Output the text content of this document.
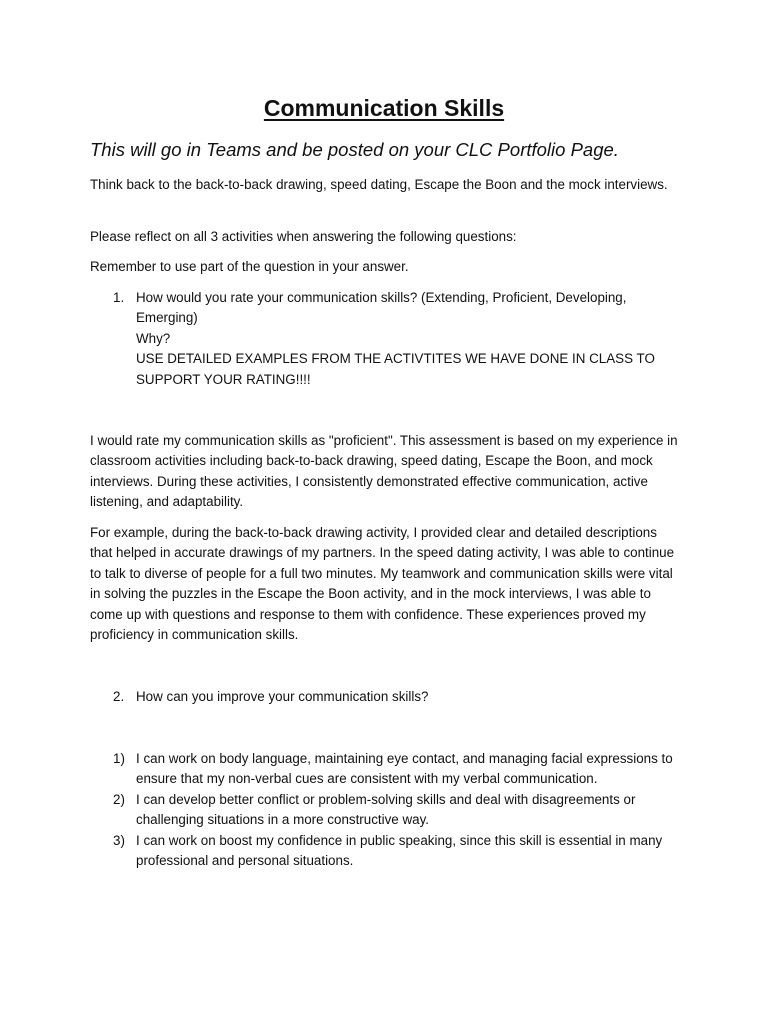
Communication Skills

This will go in Teams and be posted on your CLC Portfolio Page.

Think back to the back-to-back drawing, speed dating, Escape the Boon and the mock interviews.

Please reflect on all 3 activities when answering the following questions:

Remember to use part of the question in your answer.

1. How would you rate your communication skills? (Extending, Proficient, Developing, Emerging)
Why?
USE DETAILED EXAMPLES FROM THE ACTIVTITES WE HAVE DONE IN CLASS TO SUPPORT YOUR RATING!!!!

I would rate my communication skills as "proficient". This assessment is based on my experience in classroom activities including back-to-back drawing, speed dating, Escape the Boon, and mock interviews. During these activities, I consistently demonstrated effective communication, active listening, and adaptability.

For example, during the back-to-back drawing activity, I provided clear and detailed descriptions that helped in accurate drawings of my partners. In the speed dating activity, I was able to continue to talk to diverse of people for a full two minutes. My teamwork and communication skills were vital in solving the puzzles in the Escape the Boon activity, and in the mock interviews, I was able to come up with questions and response to them with confidence. These experiences proved my proficiency in communication skills.

2. How can you improve your communication skills?
1) I can work on body language, maintaining eye contact, and managing facial expressions to ensure that my non-verbal cues are consistent with my verbal communication.
2) I can develop better conflict or problem-solving skills and deal with disagreements or challenging situations in a more constructive way.
3) I can work on boost my confidence in public speaking, since this skill is essential in many professional and personal situations.
